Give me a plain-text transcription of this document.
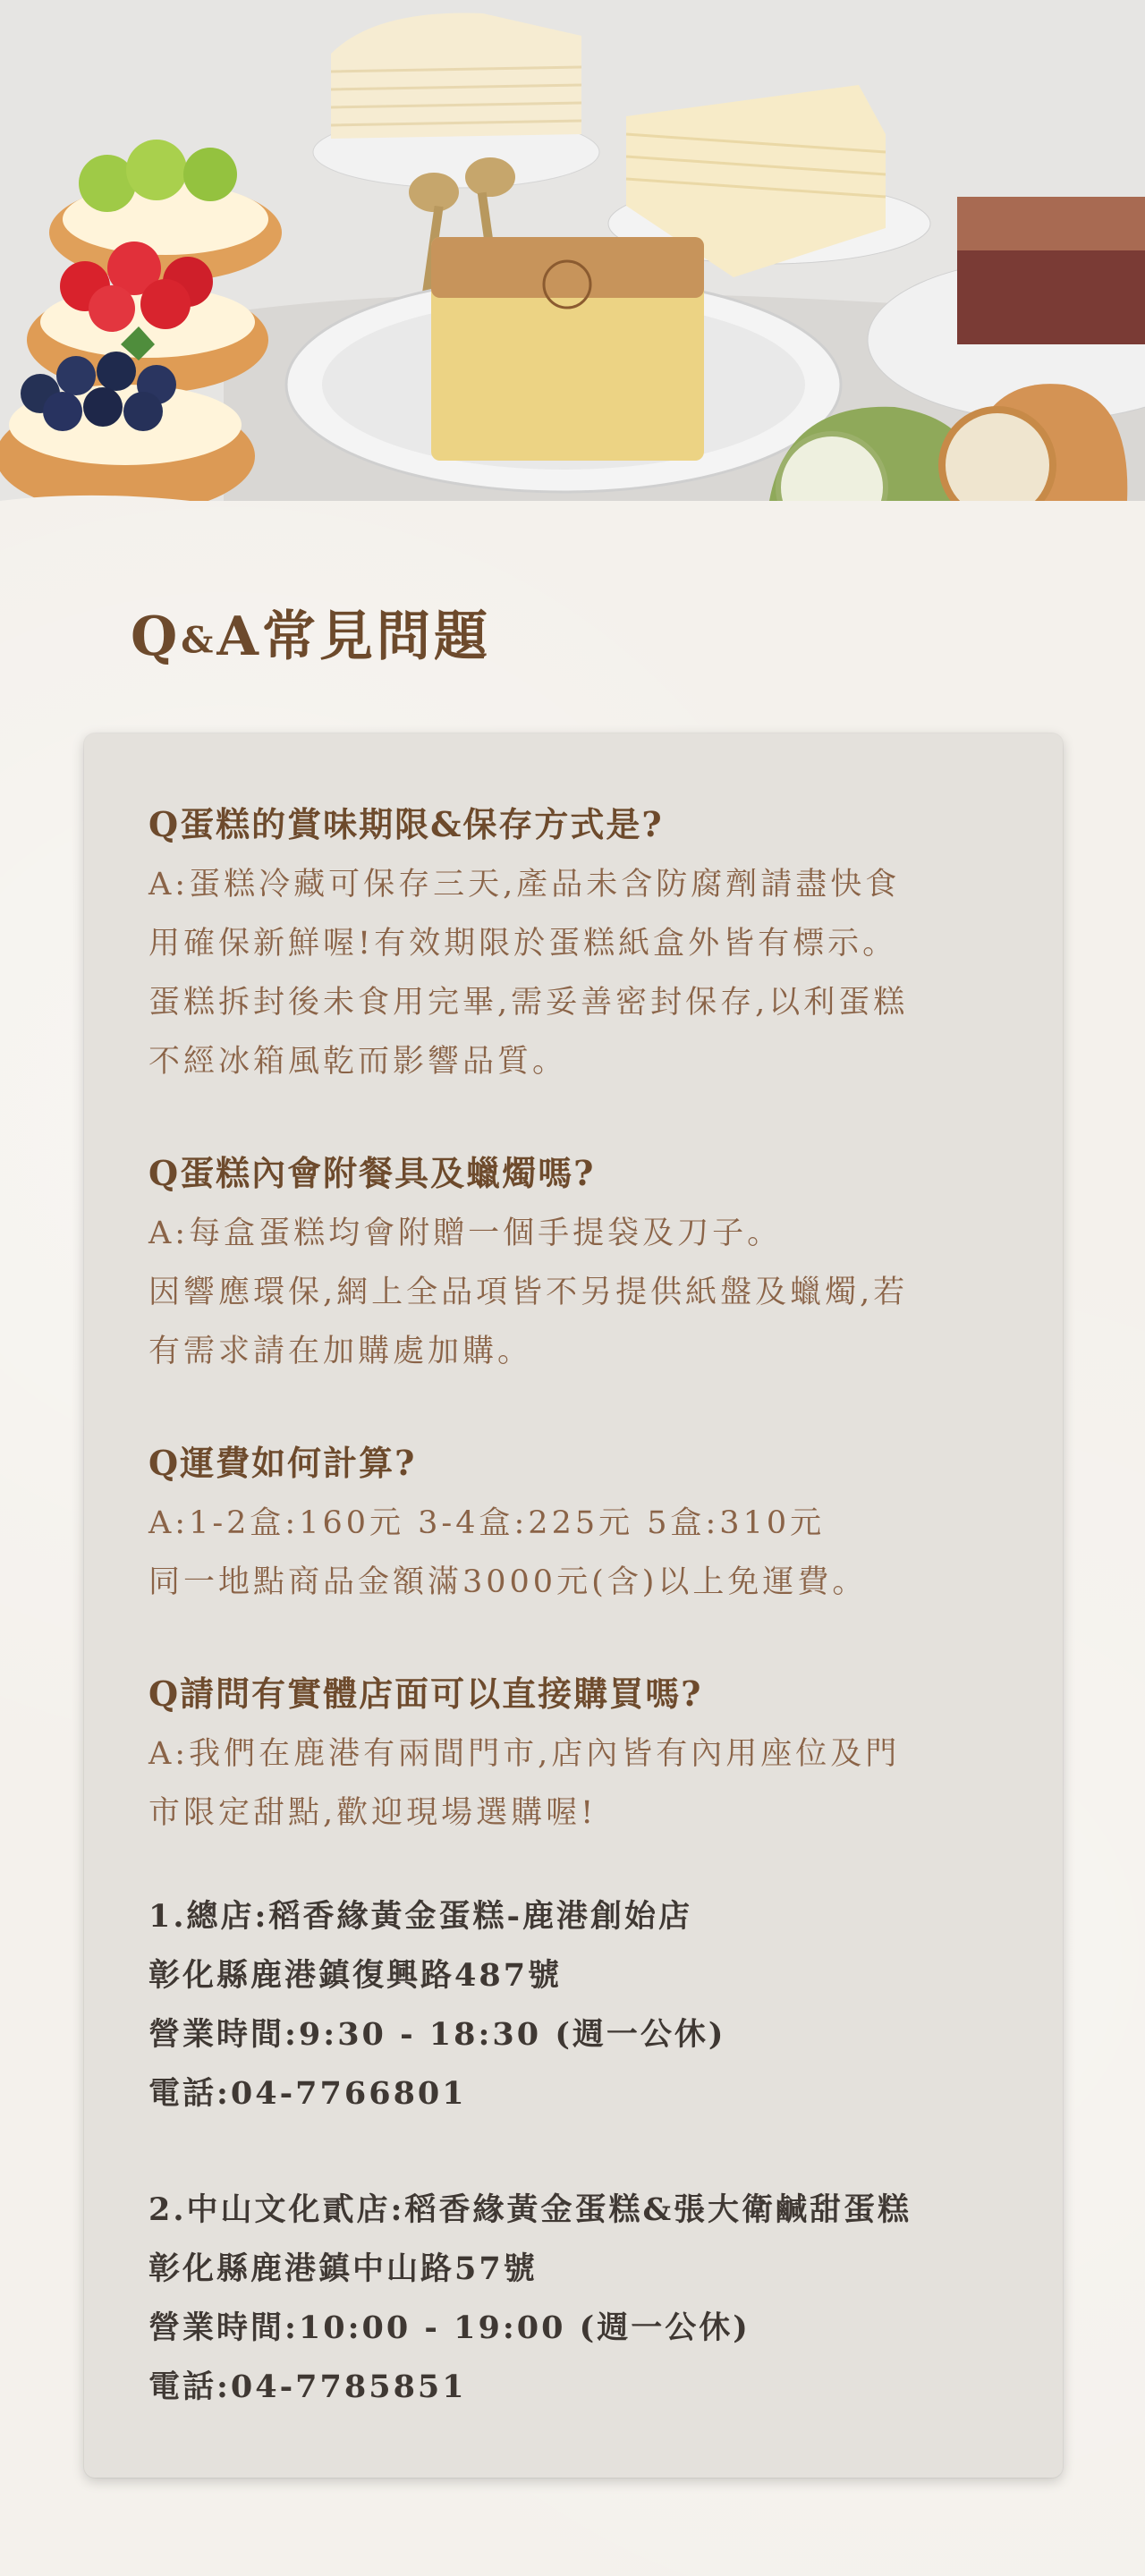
Q&A常見問題

Q蛋糕的賞味期限&保存方式是?

A:蛋糕冷藏可保存三天,產品未含防腐劑請盡快食

用確保新鮮喔!有效期限於蛋糕紙盒外皆有標示。

蛋糕拆封後未食用完畢,需妥善密封保存,以利蛋糕

不經冰箱風乾而影響品質。

Q蛋糕內會附餐具及蠟燭嗎?

A:每盒蛋糕均會附贈一個手提袋及刀子。

因響應環保,網上全品項皆不另提供紙盤及蠟燭,若

有需求請在加購處加購。

Q運費如何計算?

A:1-2盒:160元 3-4盒:225元 5盒:310元

同一地點商品金額滿3000元(含)以上免運費。

Q請問有實體店面可以直接購買嗎?

A:我們在鹿港有兩間門市,店內皆有內用座位及門

市限定甜點,歡迎現場選購喔!

1.總店:稻香緣黃金蛋糕-鹿港創始店

彰化縣鹿港鎮復興路487號

營業時間:9:30 - 18:30 (週一公休)

電話:04-7766801

2.中山文化貳店:稻香緣黃金蛋糕&張大衛鹹甜蛋糕

彰化縣鹿港鎮中山路57號

營業時間:10:00 - 19:00 (週一公休)

電話:04-7785851
